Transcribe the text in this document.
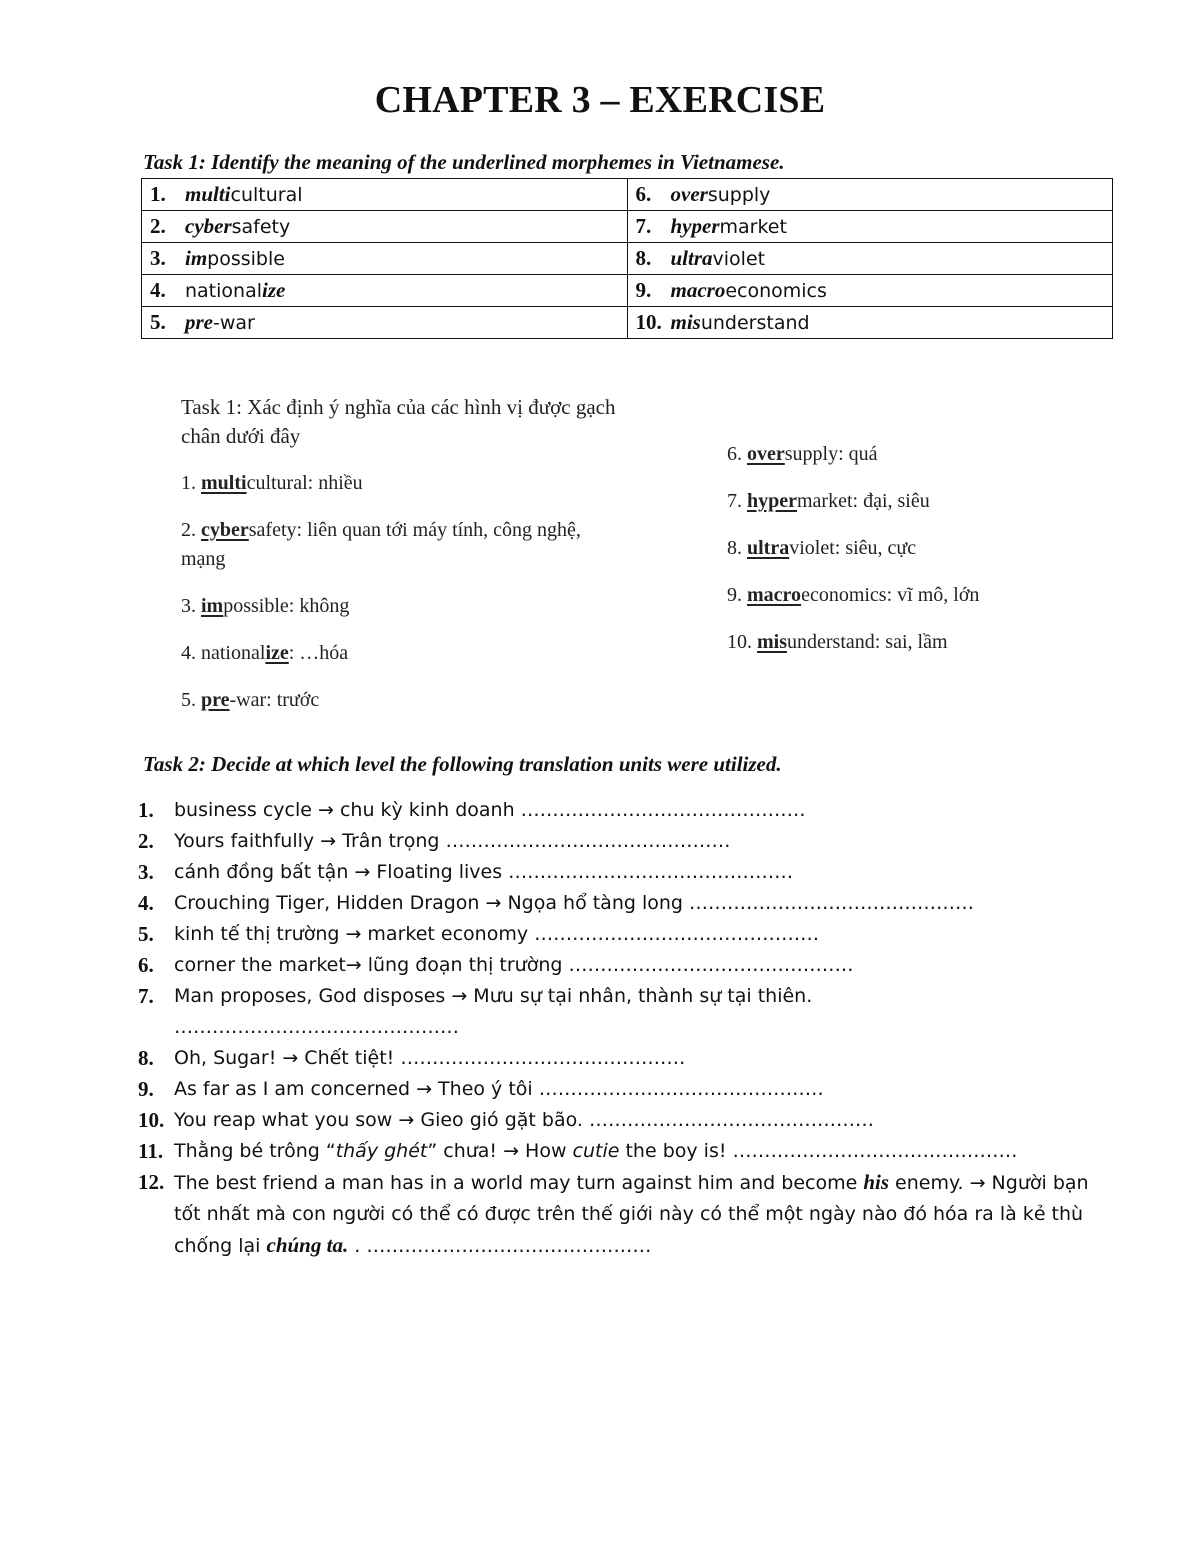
CHAPTER 3 – EXERCISE

Task 1: Identify the meaning of the underlined morphemes in Vietnamese.

1. multicultural	6. oversupply
2. cybersafety	7. hypermarket
3. impossible	8. ultraviolet
4. nationalize	9. macroeconomics
5. pre-war	10. misunderstand
Task 1: Xác định ý nghĩa của các hình vị được gạch chân dưới đây
1. multicultural: nhiều
2. cybersafety: liên quan tới máy tính, công nghệ, mạng
3. impossible: không
4. nationalize: …hóa
5. pre-war: trước
6. oversupply: quá
7. hypermarket: đại, siêu
8. ultraviolet: siêu, cực
9. macroeconomics: vĩ mô, lớn
10. misunderstand: sai, lầm

Task 2: Decide at which level the following translation units were utilized.

1. business cycle → chu kỳ kinh doanh ………………………………………
2. Yours faithfully → Trân trọng ………………………………………
3. cánh đồng bất tận → Floating lives ………………………………………
4. Crouching Tiger, Hidden Dragon → Ngọa hổ tàng long ………………………………………
5. kinh tế thị trường → market economy ………………………………………
6. corner the market→ lũng đoạn thị trường ………………………………………
7. Man proposes, God disposes → Mưu sự tại nhân, thành sự tại thiên. ………………………………………
8. Oh, Sugar! → Chết tiệt! ………………………………………
9. As far as I am concerned → Theo ý tôi ………………………………………
10. You reap what you sow → Gieo gió gặt bão. ………………………………………
11. Thằng bé trông “thấy ghét” chưa! → How cutie the boy is! ………………………………………
12. The best friend a man has in a world may turn against him and become his enemy. → Người bạn tốt nhất mà con người có thể có được trên thế giới này có thể một ngày nào đó hóa ra là kẻ thù chống lại chúng ta. . ………………………………………
